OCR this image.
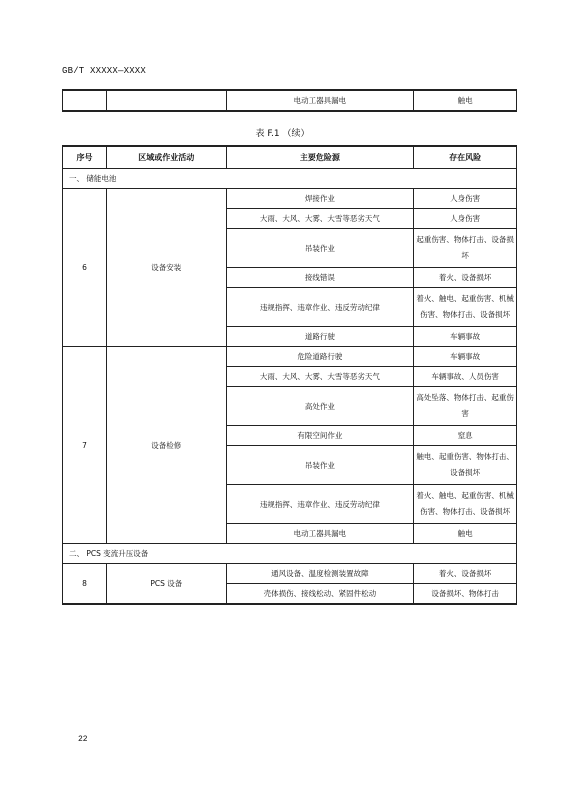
GB/T XXXXX—XXXX
		电动工器具漏电	触电
表 F.1 （续）
序号	区域或作业活动	主要危险源	存在风险
一、 储能电池			
6	设备安装	焊接作业	人身伤害
		大雨、大风、大雾、大雪等恶劣天气	人身伤害
		吊装作业	起重伤害、物体打击、设备损坏
		接线错误	着火、设备损坏
		违规指挥、违章作业、违反劳动纪律	着火、触电、起重伤害、机械伤害、物体打击、设备损坏
		道路行驶	车辆事故
7	设备检修	危险道路行驶	车辆事故
		大雨、大风、大雾、大雪等恶劣天气	车辆事故、人员伤害
		高处作业	高处坠落、物体打击、起重伤害
		有限空间作业	窒息
		吊装作业	触电、起重伤害、物体打击、设备损坏
		违规指挥、违章作业、违反劳动纪律	着火、触电、起重伤害、机械伤害、物体打击、设备损坏
		电动工器具漏电	触电
二、 PCS 变流升压设备			
8	PCS 设备	通风设备、温度检测装置故障	着火、设备损坏
		壳体损伤、接线松动、紧固件松动	设备损坏、物体打击
22
